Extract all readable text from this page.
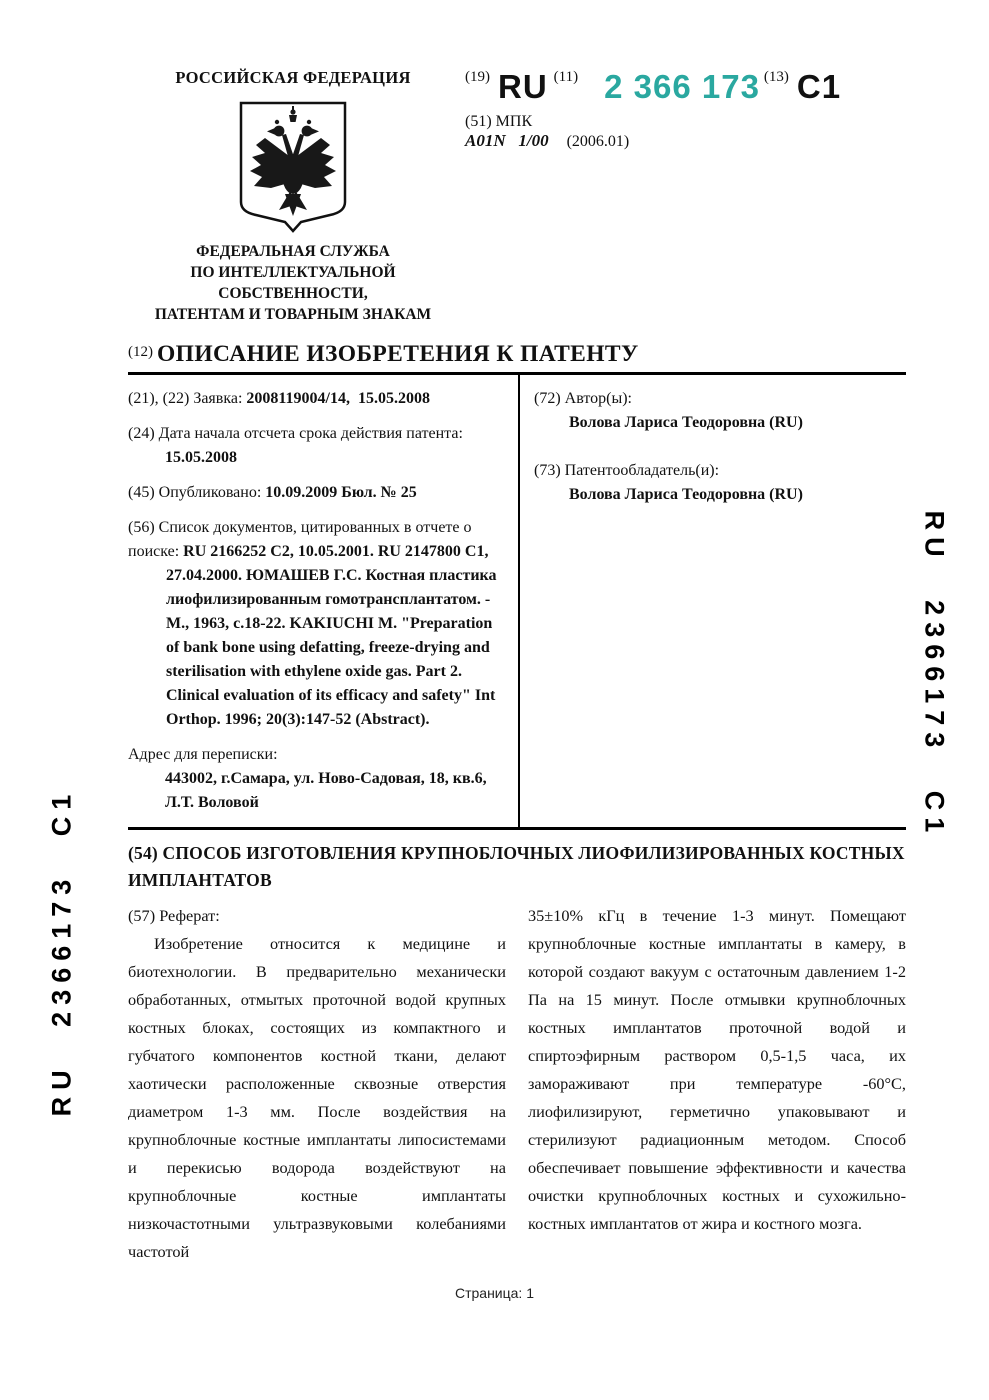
РОССИЙСКАЯ ФЕДЕРАЦИЯ
ФЕДЕРАЛЬНАЯ СЛУЖБА
ПО ИНТЕЛЛЕКТУАЛЬНОЙ СОБСТВЕННОСТИ,
ПАТЕНТАМ И ТОВАРНЫМ ЗНАКАМ
(19) RU (11) 2 366 173 (13) C1
(51) МПК
A01N   1/00 (2006.01)
(12) ОПИСАНИЕ ИЗОБРЕТЕНИЯ К ПАТЕНТУ
(21), (22) Заявка: 2008119004/14,  15.05.2008
(24) Дата начала отсчета срока действия патента:
15.05.2008
(45) Опубликовано: 10.09.2009 Бюл. № 25
(56) Список документов, цитированных в отчете о поиске: RU 2166252 C2, 10.05.2001. RU 2147800 C1,
27.04.2000. ЮМАШЕВ Г.С. Костная пластика лиофилизированным гомотрансплантатом. - М., 1963, с.18-22. KAKIUCHI M. "Preparation of bank bone using defatting, freeze-drying and sterilisation with ethylene oxide gas. Part 2. Clinical evaluation of its efficacy and safety" Int Orthop. 1996; 20(3):147-52 (Abstract).
Адрес для переписки:
443002, г.Самара, ул. Ново-Садовая, 18, кв.6, Л.Т. Воловой
(72) Автор(ы):
Волова Лариса Теодоровна (RU)
(73) Патентообладатель(и):
Волова Лариса Теодоровна (RU)
(54) СПОСОБ ИЗГОТОВЛЕНИЯ КРУПНОБЛОЧНЫХ ЛИОФИЛИЗИРОВАННЫХ КОСТНЫХ ИМПЛАНТАТОВ

(57) Реферат:

Изобретение относится к медицине и биотехнологии. В предварительно механически обработанных, отмытых проточной водой крупных костных блоках, состоящих из компактного и губчатого компонентов костной ткани, делают хаотически расположенные сквозные отверстия диаметром 1-3 мм. После воздействия на крупноблочные костные имплантаты липосистемами и перекисью водорода воздействуют на крупноблочные костные имплантаты низкочастотными ультразвуковыми колебаниями частотой

35±10% кГц в течение 1-3 минут. Помещают крупноблочные костные имплантаты в камеру, в которой создают вакуум с остаточным давлением 1-2 Па на 15 минут. После отмывки крупноблочных костных имплантатов проточной водой и спиртоэфирным раствором 0,5-1,5 часа, их замораживают при температуре -60°C, лиофилизируют, герметично упаковывают и стерилизуют радиационным методом. Способ обеспечивает повышение эффективности и качества очистки крупноблочных костных и сухожильно-костных имплантатов от жира и костного мозга.

RU 2366173 C1
RU 2366173 C1
Страница: 1
